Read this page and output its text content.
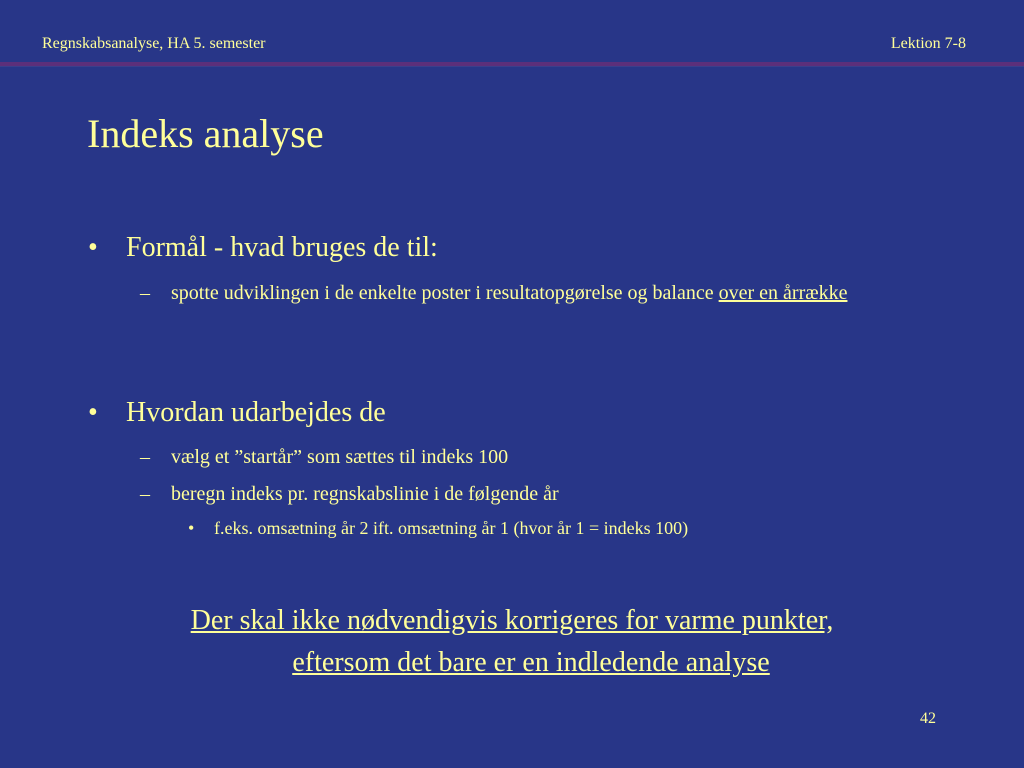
Regnskabsanalyse, HA 5. semester	Lektion 7-8
Indeks analyse
• Formål - hvad bruges de til:
– spotte udviklingen i de enkelte poster i resultatopgørelse og balance over en årrække
• Hvordan udarbejdes de
– vælg et ”startår” som sættes til indeks 100
– beregn indeks pr. regnskabslinie i de følgende år
• f.eks. omsætning år 2 ift. omsætning år 1 (hvor år 1 = indeks 100)
Der skal ikke nødvendigvis korrigeres for varme punkter,
eftersom det bare er en indledende analyse
42
